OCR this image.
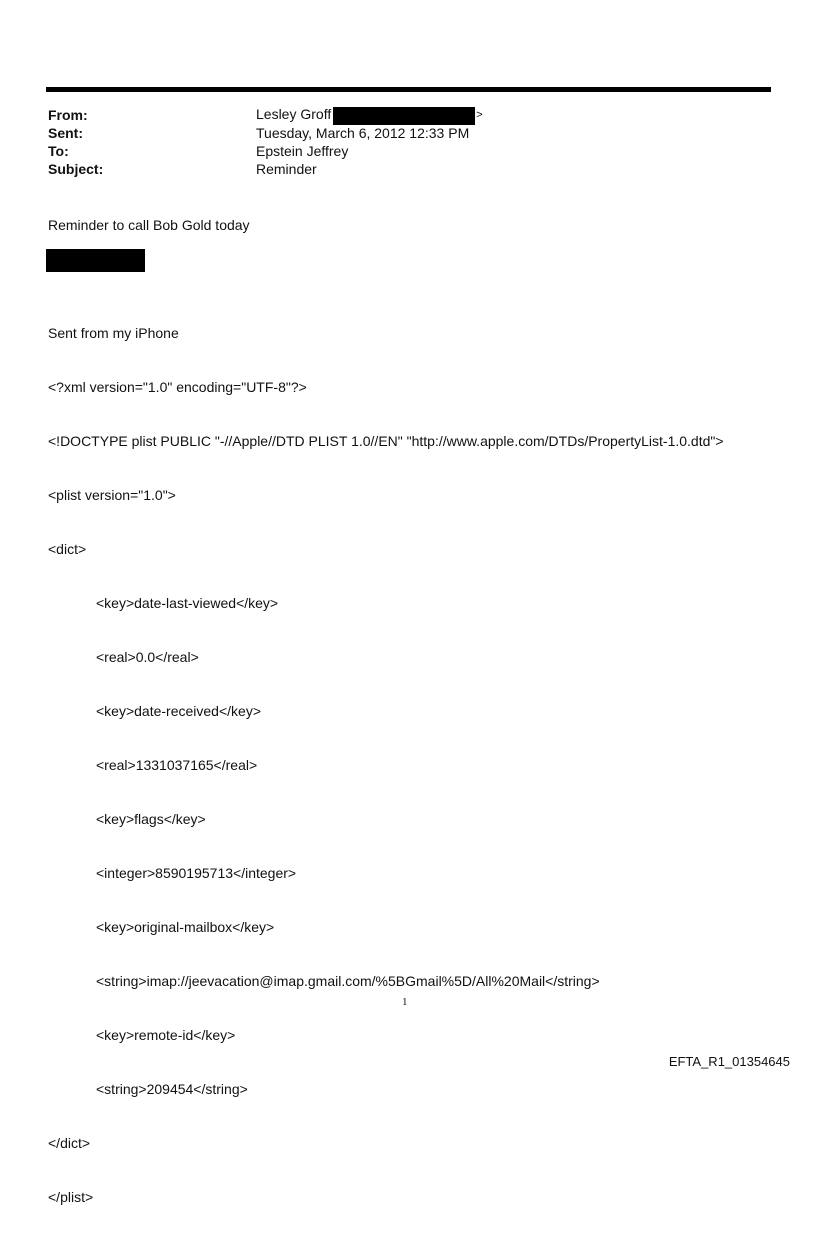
From:	Lesley Groff	>
Sent:	Tuesday, March 6, 2012 12:33 PM
To:	Epstein Jeffrey
Subject:	Reminder
Reminder to call Bob Gold today

Sent from my iPhone

<?xml version="1.0" encoding="UTF-8"?>

<!DOCTYPE plist PUBLIC "-//Apple//DTD PLIST 1.0//EN" "http://www.apple.com/DTDs/PropertyList-1.0.dtd">

<plist version="1.0">

<dict>

<key>date-last-viewed</key>

<real>0.0</real>

<key>date-received</key>

<real>1331037165</real>

<key>flags</key>

<integer>8590195713</integer>

<key>original-mailbox</key>

<string>imap://jeevacation@imap.gmail.com/%5BGmail%5D/All%20Mail</string>

<key>remote-id</key>

<string>209454</string>

</dict>

</plist>

1
EFTA_R1_01354645
